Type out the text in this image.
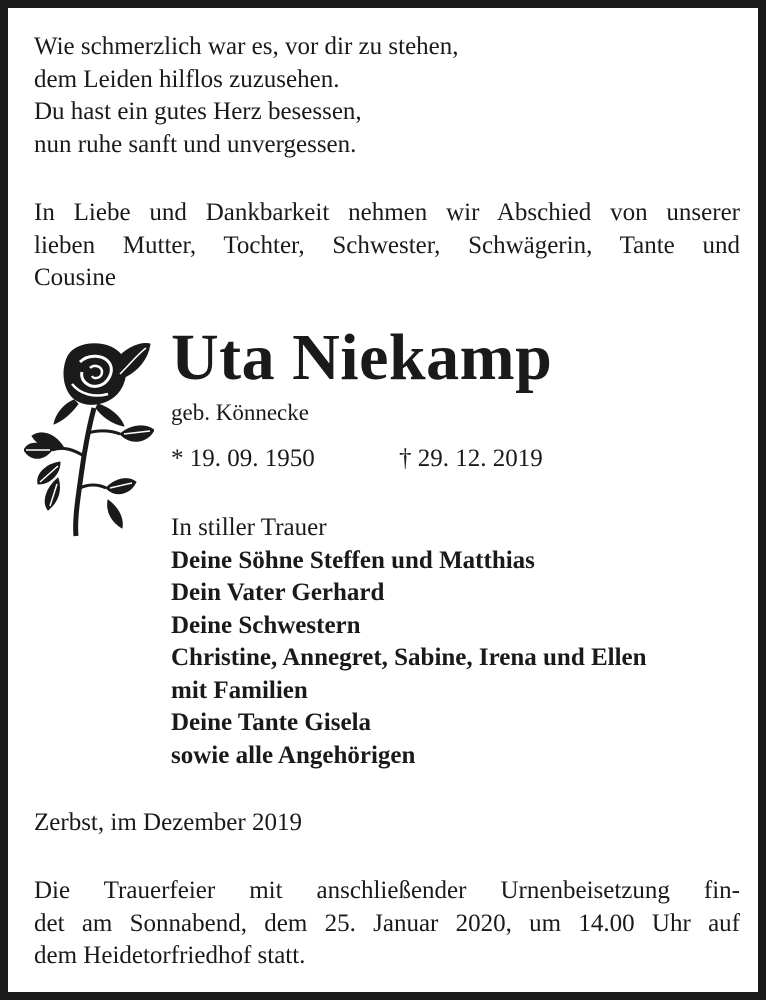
Wie schmerzlich war es, vor dir zu stehen,
dem Leiden hilflos zuzusehen.
Du hast ein gutes Herz besessen,
nun ruhe sanft und unvergessen.
In Liebe und Dankbarkeit nehmen wir Abschied von unserer
lieben Mutter, Tochter, Schwester, Schwägerin, Tante und
Cousine
Uta Niekamp
geb. Könnecke
* 19. 09. 1950	† 29. 12. 2019
In stiller Trauer
Deine Söhne Steffen und Matthias
Dein Vater Gerhard
Deine Schwestern
Christine, Annegret, Sabine, Irena und Ellen
mit Familien
Deine Tante Gisela
sowie alle Angehörigen
Zerbst, im Dezember 2019
Die Trauerfeier mit anschließender Urnenbeisetzung fin-
det am Sonnabend, dem 25. Januar 2020, um 14.00 Uhr auf
dem Heidetorfriedhof statt.
